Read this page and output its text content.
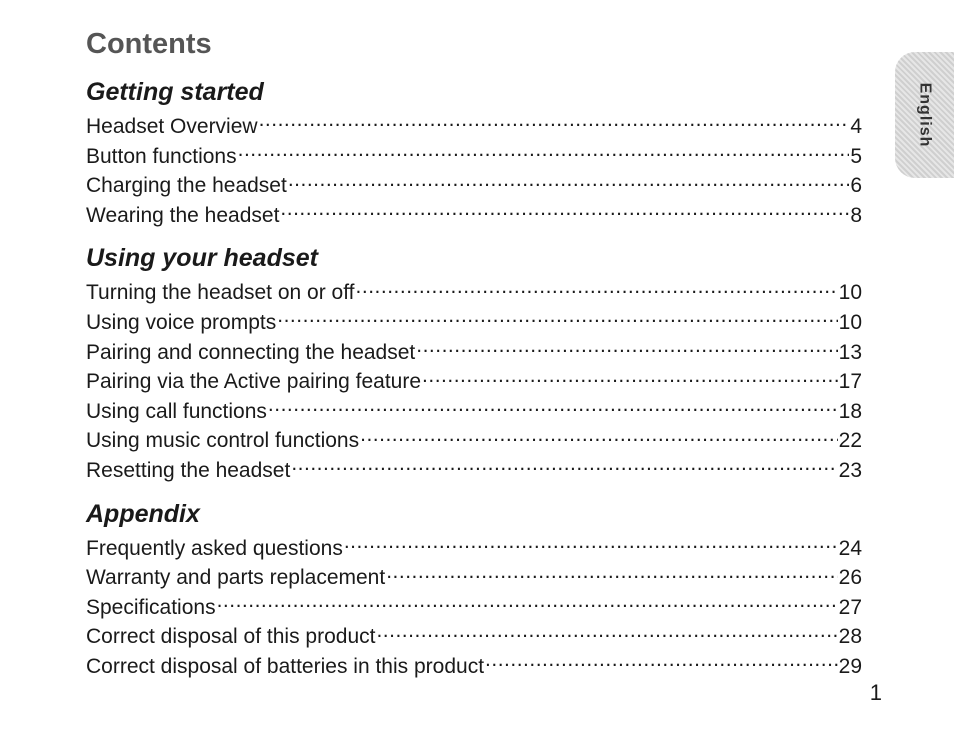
Contents
English
Getting started
Headset Overview .....	4
Button functions .....	5
Charging the headset .....	6
Wearing the headset .....	8
Using your headset
Turning the headset on or off .....	10
Using voice prompts .....	10
Pairing and connecting the headset .....	13
Pairing via the Active pairing feature .....	17
Using call functions .....	18
Using music control functions .....	22
Resetting the headset .....	23
Appendix
Frequently asked questions .....	24
Warranty and parts replacement .....	26
Specifications .....	27
Correct disposal of this product .....	28
Correct disposal of batteries in this product .....	29
1
